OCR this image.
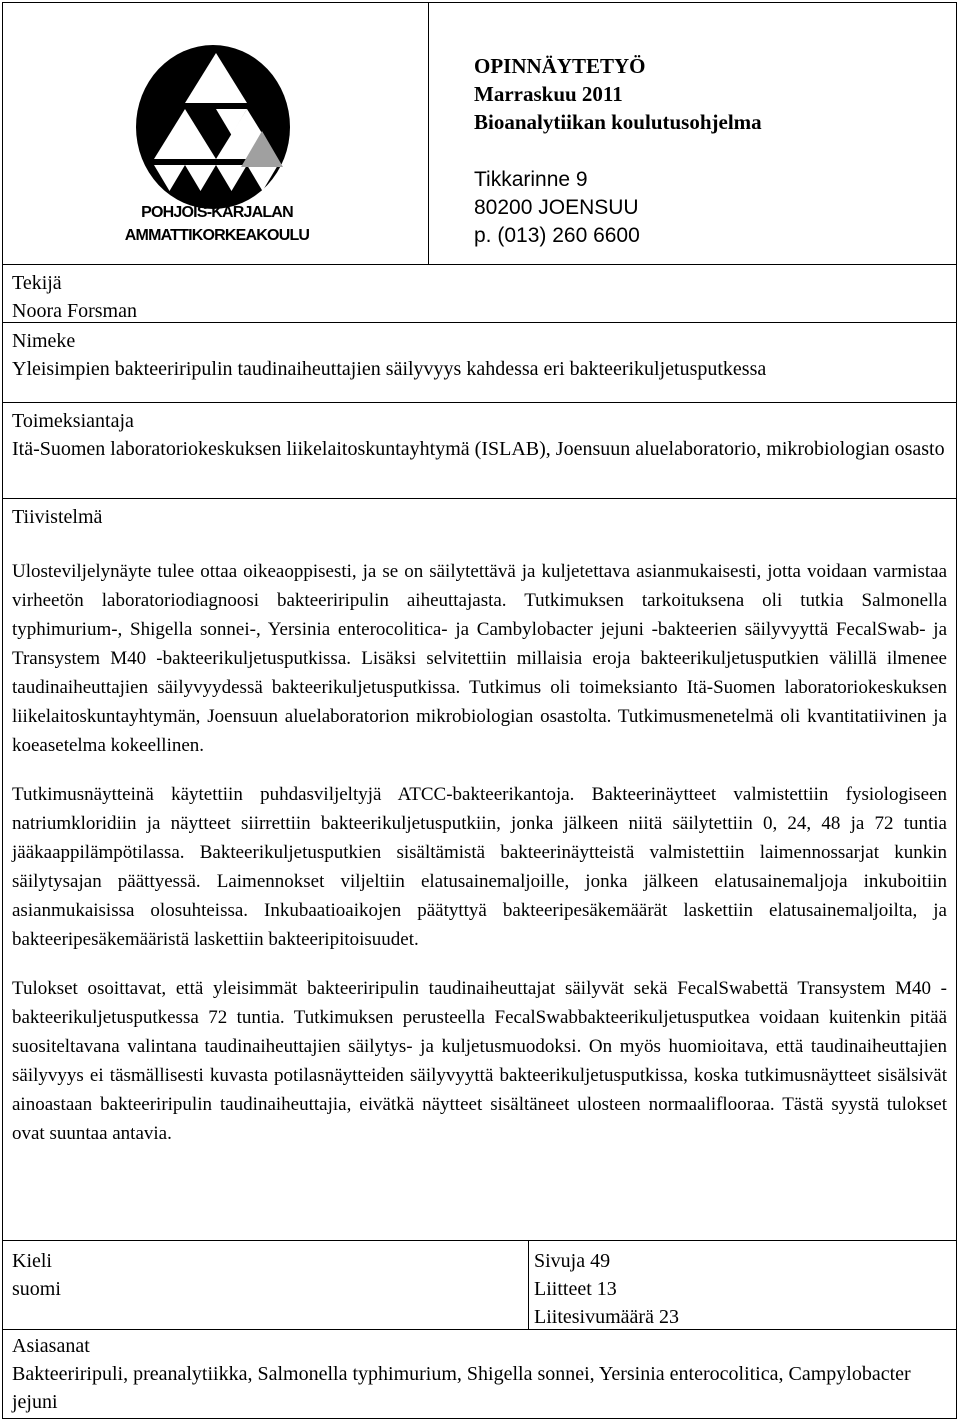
POHJOIS-KARJALAN
AMMATTIKORKEAKOULU
OPINNÄYTETYÖ
Marraskuu 2011
Bioanalytiikan koulutusohjelma
Tikkarinne 9
80200 JOENSUU
p. (013) 260 6600
Tekijä
Noora Forsman
Nimeke
Yleisimpien bakteeriripulin taudinaiheuttajien säilyvyys kahdessa eri bakteerikuljetusputkessa
Toimeksiantaja
Itä-Suomen laboratoriokeskuksen liikelaitoskuntayhtymä (ISLAB), Joensuun aluelaboratorio, mikrobiologian osasto
Tiivistelmä

Ulosteviljelynäyte tulee ottaa oikeaoppisesti, ja se on säilytettävä ja kuljetettava asianmukaisesti, jotta voidaan varmistaa virheetön laboratoriodiagnoosi bakteeriripulin aiheuttajasta. Tutkimuksen tarkoituksena oli tutkia Salmonella typhimurium-, Shigella sonnei-, Yersinia enterocolitica- ja Cambylobacter jejuni -bakteerien säilyvyyttä FecalSwab- ja Transystem M40 -bakteerikuljetusputkissa. Lisäksi selvitettiin millaisia eroja bakteerikuljetusputkien välillä ilmenee taudinaiheuttajien säilyvyydessä bakteerikuljetusputkissa. Tutkimus oli toimeksianto Itä-Suomen laboratoriokeskuksen liikelaitoskuntayhtymän, Joensuun aluelaboratorion mikrobiologian osastolta. Tutkimusmenetelmä oli kvantitatiivinen ja koeasetelma kokeellinen.

Tutkimusnäytteinä käytettiin puhdasviljeltyjä ATCC-bakteerikantoja. Bakteerinäytteet valmistettiin fysiologiseen natriumkloridiin ja näytteet siirrettiin bakteerikuljetusputkiin, jonka jälkeen niitä säilytettiin 0, 24, 48 ja 72 tuntia jääkaappilämpötilassa. Bakteerikuljetusputkien sisältämistä bakteerinäytteistä valmistettiin laimennossarjat kunkin säilytysajan päättyessä. Laimennokset viljeltiin elatusainemaljoille, jonka jälkeen elatusainemaljoja inkuboitiin asianmukaisissa olosuhteissa. Inkubaatioaikojen päätyttyä bakteeripesäkemäärät laskettiin elatusainemaljoilta, ja bakteeripesäkemääristä laskettiin bakteeripitoisuudet.

Tulokset osoittavat, että yleisimmät bakteeriripulin taudinaiheuttajat säilyvät sekä FecalSwabettä Transystem M40 -bakteerikuljetusputkessa 72 tuntia. Tutkimuksen perusteella FecalSwabbakteerikuljetusputkea voidaan kuitenkin pitää suositeltavana valintana taudinaiheuttajien säilytys- ja kuljetusmuodoksi. On myös huomioitava, että taudinaiheuttajien säilyvyys ei täsmällisesti kuvasta potilasnäytteiden säilyvyyttä bakteerikuljetusputkissa, koska tutkimusnäytteet sisälsivät ainoastaan bakteeriripulin taudinaiheuttajia, eivätkä näytteet sisältäneet ulosteen normaaliflooraa. Tästä syystä tulokset ovat suuntaa antavia.

Kieli
suomi
Sivuja 49
Liitteet 13
Liitesivumäärä 23
Asiasanat
Bakteeriripuli, preanalytiikka, Salmonella typhimurium, Shigella sonnei, Yersinia enterocolitica, Campylobacter jejuni
